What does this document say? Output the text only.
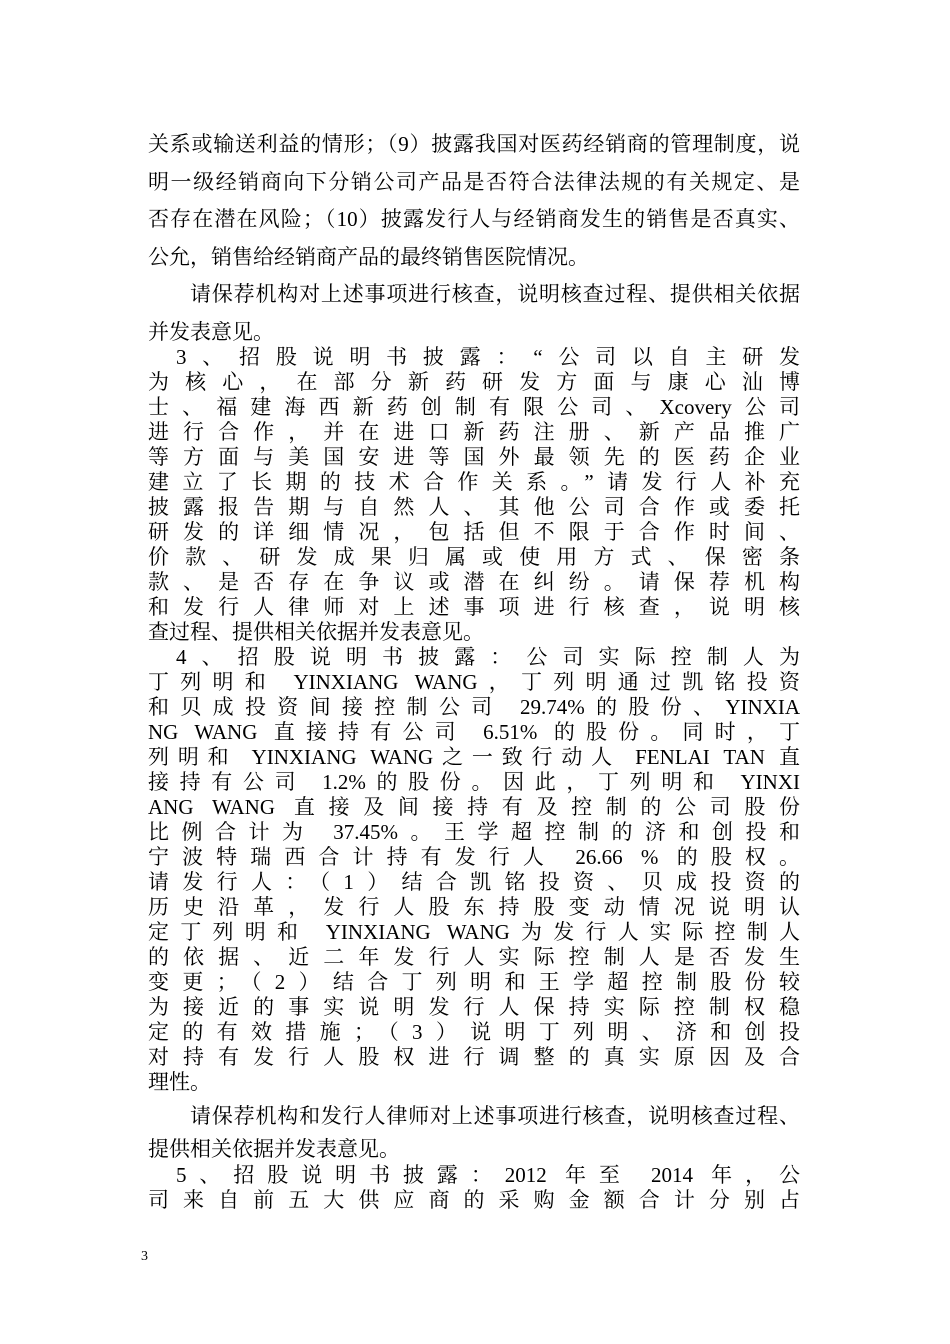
关系或输送利益的情形；（9）披露我国对医药经销商的管理制度，说
明一级经销商向下分销公司产品是否符合法律法规的有关规定、是
否存在潜在风险；（10）披露发行人与经销商发生的销售是否真实、
公允，销售给经销商产品的最终销售医院情况。
请保荐机构对上述事项进行核查，说明核查过程、提供相关依据
并发表意见。
3、招股说明书披露：“公司以自主研发
为核心，在部分新药研发方面与康心汕博
士、福建海西新药创制有限公司、Xcovery公司
进行合作，并在进口新药注册、新产品推广
等方面与美国安进等国外最领先的医药企业
建立了长期的技术合作关系。”请发行人补充
披露报告期与自然人、其他公司合作或委托
研发的详细情况，包括但不限于合作时间、
价款、研发成果归属或使用方式、保密条
款、是否存在争议或潜在纠纷。请保荐机构
和发行人律师对上述事项进行核查，说明核
查过程、提供相关依据并发表意见。
4、招股说明书披露：公司实际控制人为
丁列明和 YINXIANG WANG，丁列明通过凯铭投资
和贝成投资间接控制公司 29.74%的股份、YINXIA
NG WANG 直接持有公司 6.51% 的股份。同时，丁
列明和 YINXIANG WANG之一致行动人 FENLAI TAN 直
接持有公司 1.2%的股份。因此，丁列明和 YINXI
ANG WANG 直接及间接持有及控制的公司股份
比例合计为 37.45%。王学超控制的济和创投和
宁波特瑞西合计持有发行人 26.66 % 的股权。
请发行人：（1）结合凯铭投资、贝成投资的
历史沿革，发行人股东持股变动情况说明认
定丁列明和 YINXIANG WANG为发行人实际控制人
的依据、近二年发行人实际控制人是否发生
变更；（2）结合丁列明和王学超控制股份较
为接近的事实说明发行人保持实际控制权稳
定的有效措施；（3）说明丁列明、济和创投
对持有发行人股权进行调整的真实原因及合
理性。
请保荐机构和发行人律师对上述事项进行核查，说明核查过程、
提供相关依据并发表意见。
5、招股说明书披露：2012 年至 2014 年，公
司来自前五大供应商的采购金额合计分别占
3
